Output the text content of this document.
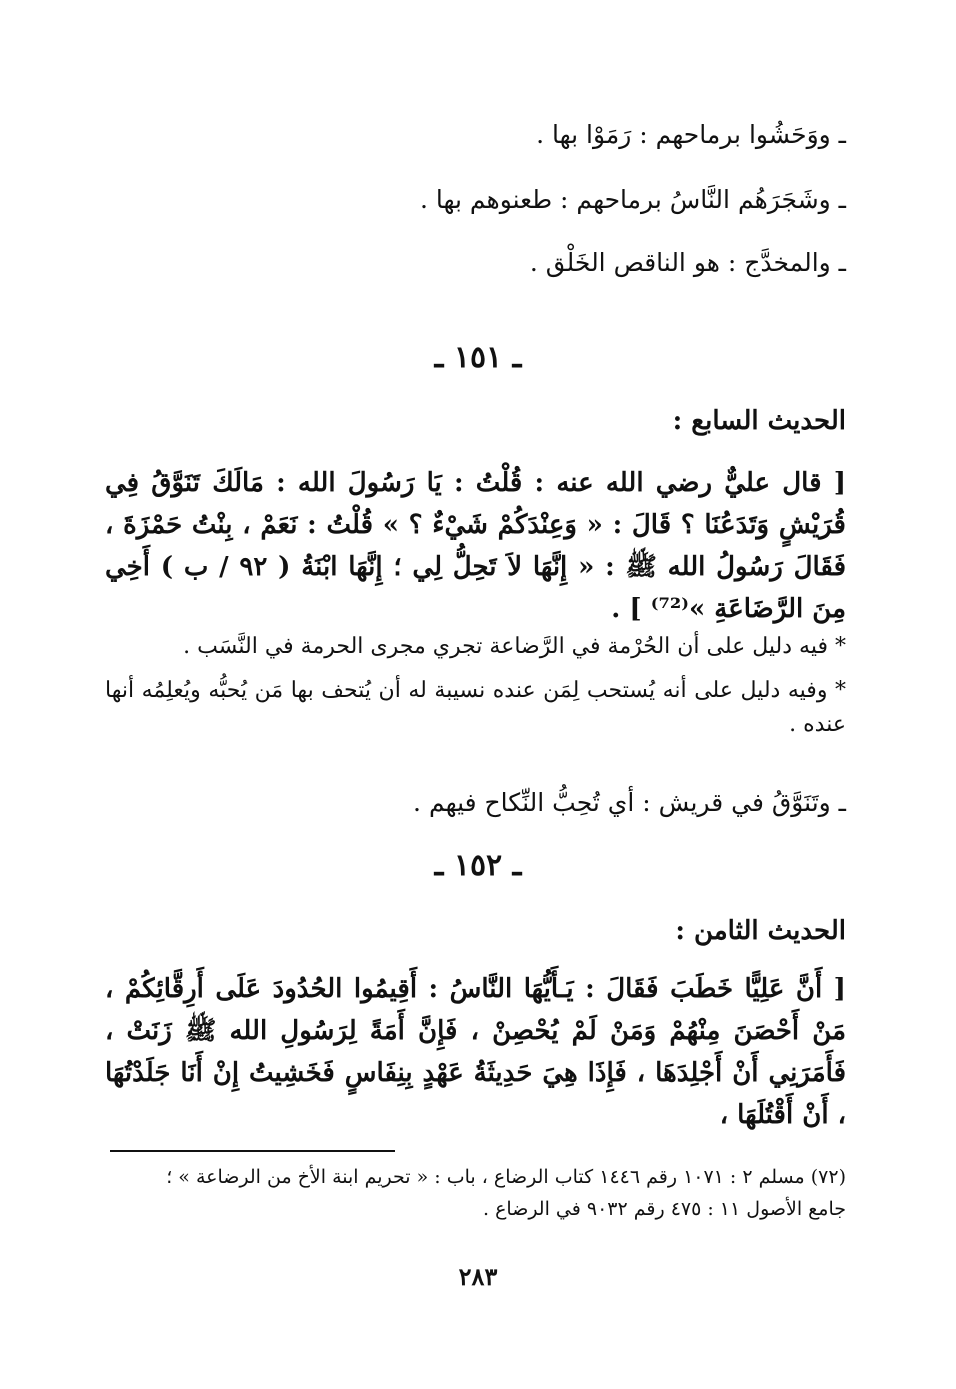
ـ ووَحَشُوا برماحهم : رَمَوْا بها .
ـ وشَجَرَهُم النَّاسُ برماحهم : طعنوهم بها .
ـ والمخدَّج : هو الناقص الخَلْق .
ـ ١٥١ ـ
الحديث السابع :
[ قال عليٌّ رضي الله عنه : قُلْتُ : يَا رَسُولَ الله : مَالَكَ تَنَوَّقُ فِي قُرَيْشٍ وَتَدَعُنَا ؟ قَالَ : « وَعِنْدَكُمْ شَيْءٌ ؟ » قُلْتُ : نَعَمْ ، بِنْتُ حَمْزَةَ ، فَقَالَ رَسُولُ الله ﷺ : « إِنَّهَا لاَ تَحِلُّ لِي ؛ إِنَّهَا ابْنَةُ ( ٩٢ / ب ) أَخِي مِنَ الرَّضَاعَةِ »⁽⁷²⁾ ] .
* فيه دليل على أن الحُرْمة في الرَّضاعة تجري مجرى الحرمة في النَّسَب .
* وفيه دليل على أنه يُستحب لِمَن عنده نسيبة له أن يُتحف بها مَن يُحبُّه ويُعلِمُه أنها عنده .
ـ وتَنَوَّقُ في قريش : أي تُحِبُّ النِّكاح فيهم .
ـ ١٥٢ ـ
الحديث الثامن :
[ أَنَّ عَلِيًّا خَطَبَ فَقَالَ : يَـأَيُّهَا النَّاسُ : أَقِيمُوا الحُدُودَ عَلَى أَرِقَّائِكُمْ ، مَنْ أَحْصَنَ مِنْهُمْ وَمَنْ لَمْ يُحْصِنْ ، فَإِنَّ أَمَةً لِرَسُولِ الله ﷺ زَنَتْ ، فَأَمَرَنِي أَنْ أَجْلِدَهَا ، فَإِذَا هِيَ حَدِيثَةُ عَهْدٍ بِنِفَاسٍ فَخَشِيتُ إِنْ أَنَا جَلَدْتُهَا ، أَنْ أَقْتُلَهَا ،
(٧٢) مسلم ٢ : ١٠٧١ رقم ١٤٤٦ كتاب الرضاع ، باب : « تحريم ابنة الأخ من الرضاعة » ؛
جامع الأصول ١١ : ٤٧٥ رقم ٩٠٣٢ في الرضاع .
٢٨٣
